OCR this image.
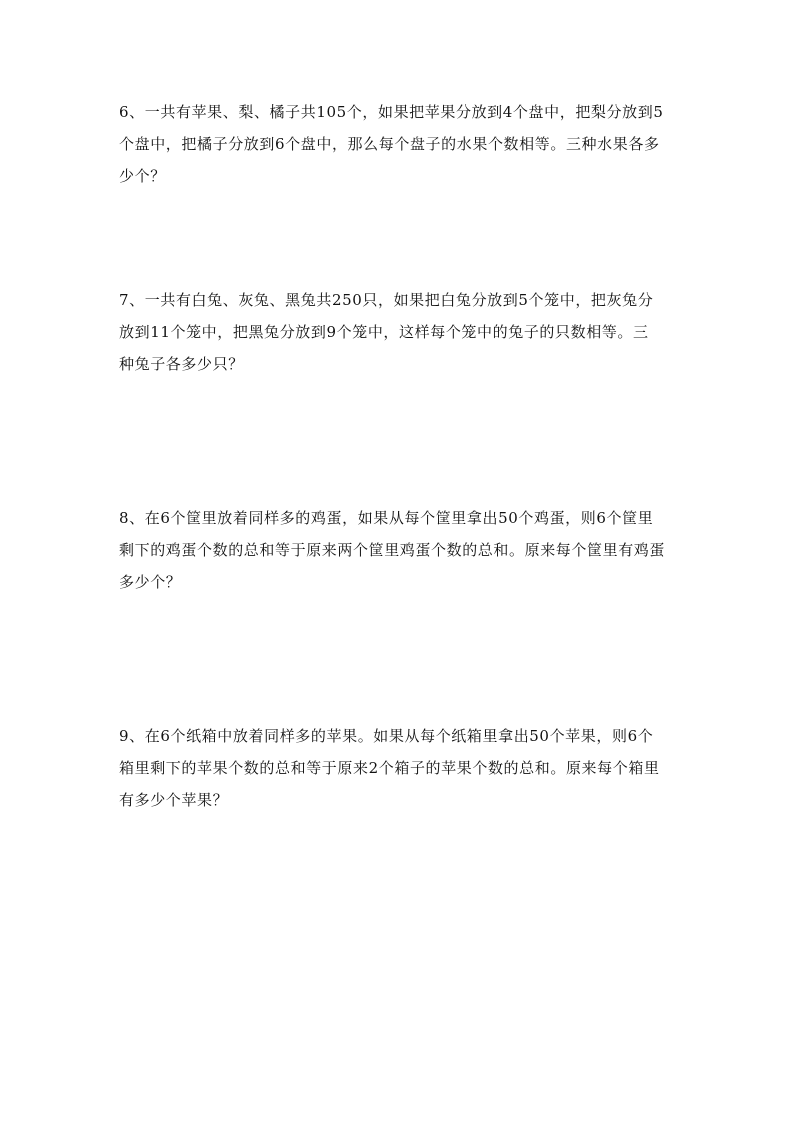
6、一共有苹果、梨、橘子共105个，如果把苹果分放到4个盘中，把梨分放到5

个盘中，把橘子分放到6个盘中，那么每个盘子的水果个数相等。三种水果各多

少个？

7、一共有白兔、灰兔、黑兔共250只，如果把白兔分放到5个笼中，把灰兔分

放到11个笼中，把黑兔分放到9个笼中，这样每个笼中的兔子的只数相等。三

种兔子各多少只？

8、在6个筐里放着同样多的鸡蛋，如果从每个筐里拿出50个鸡蛋，则6个筐里

剩下的鸡蛋个数的总和等于原来两个筐里鸡蛋个数的总和。原来每个筐里有鸡蛋

多少个？

9、在6个纸箱中放着同样多的苹果。如果从每个纸箱里拿出50个苹果，则6个

箱里剩下的苹果个数的总和等于原来2个箱子的苹果个数的总和。原来每个箱里

有多少个苹果？
